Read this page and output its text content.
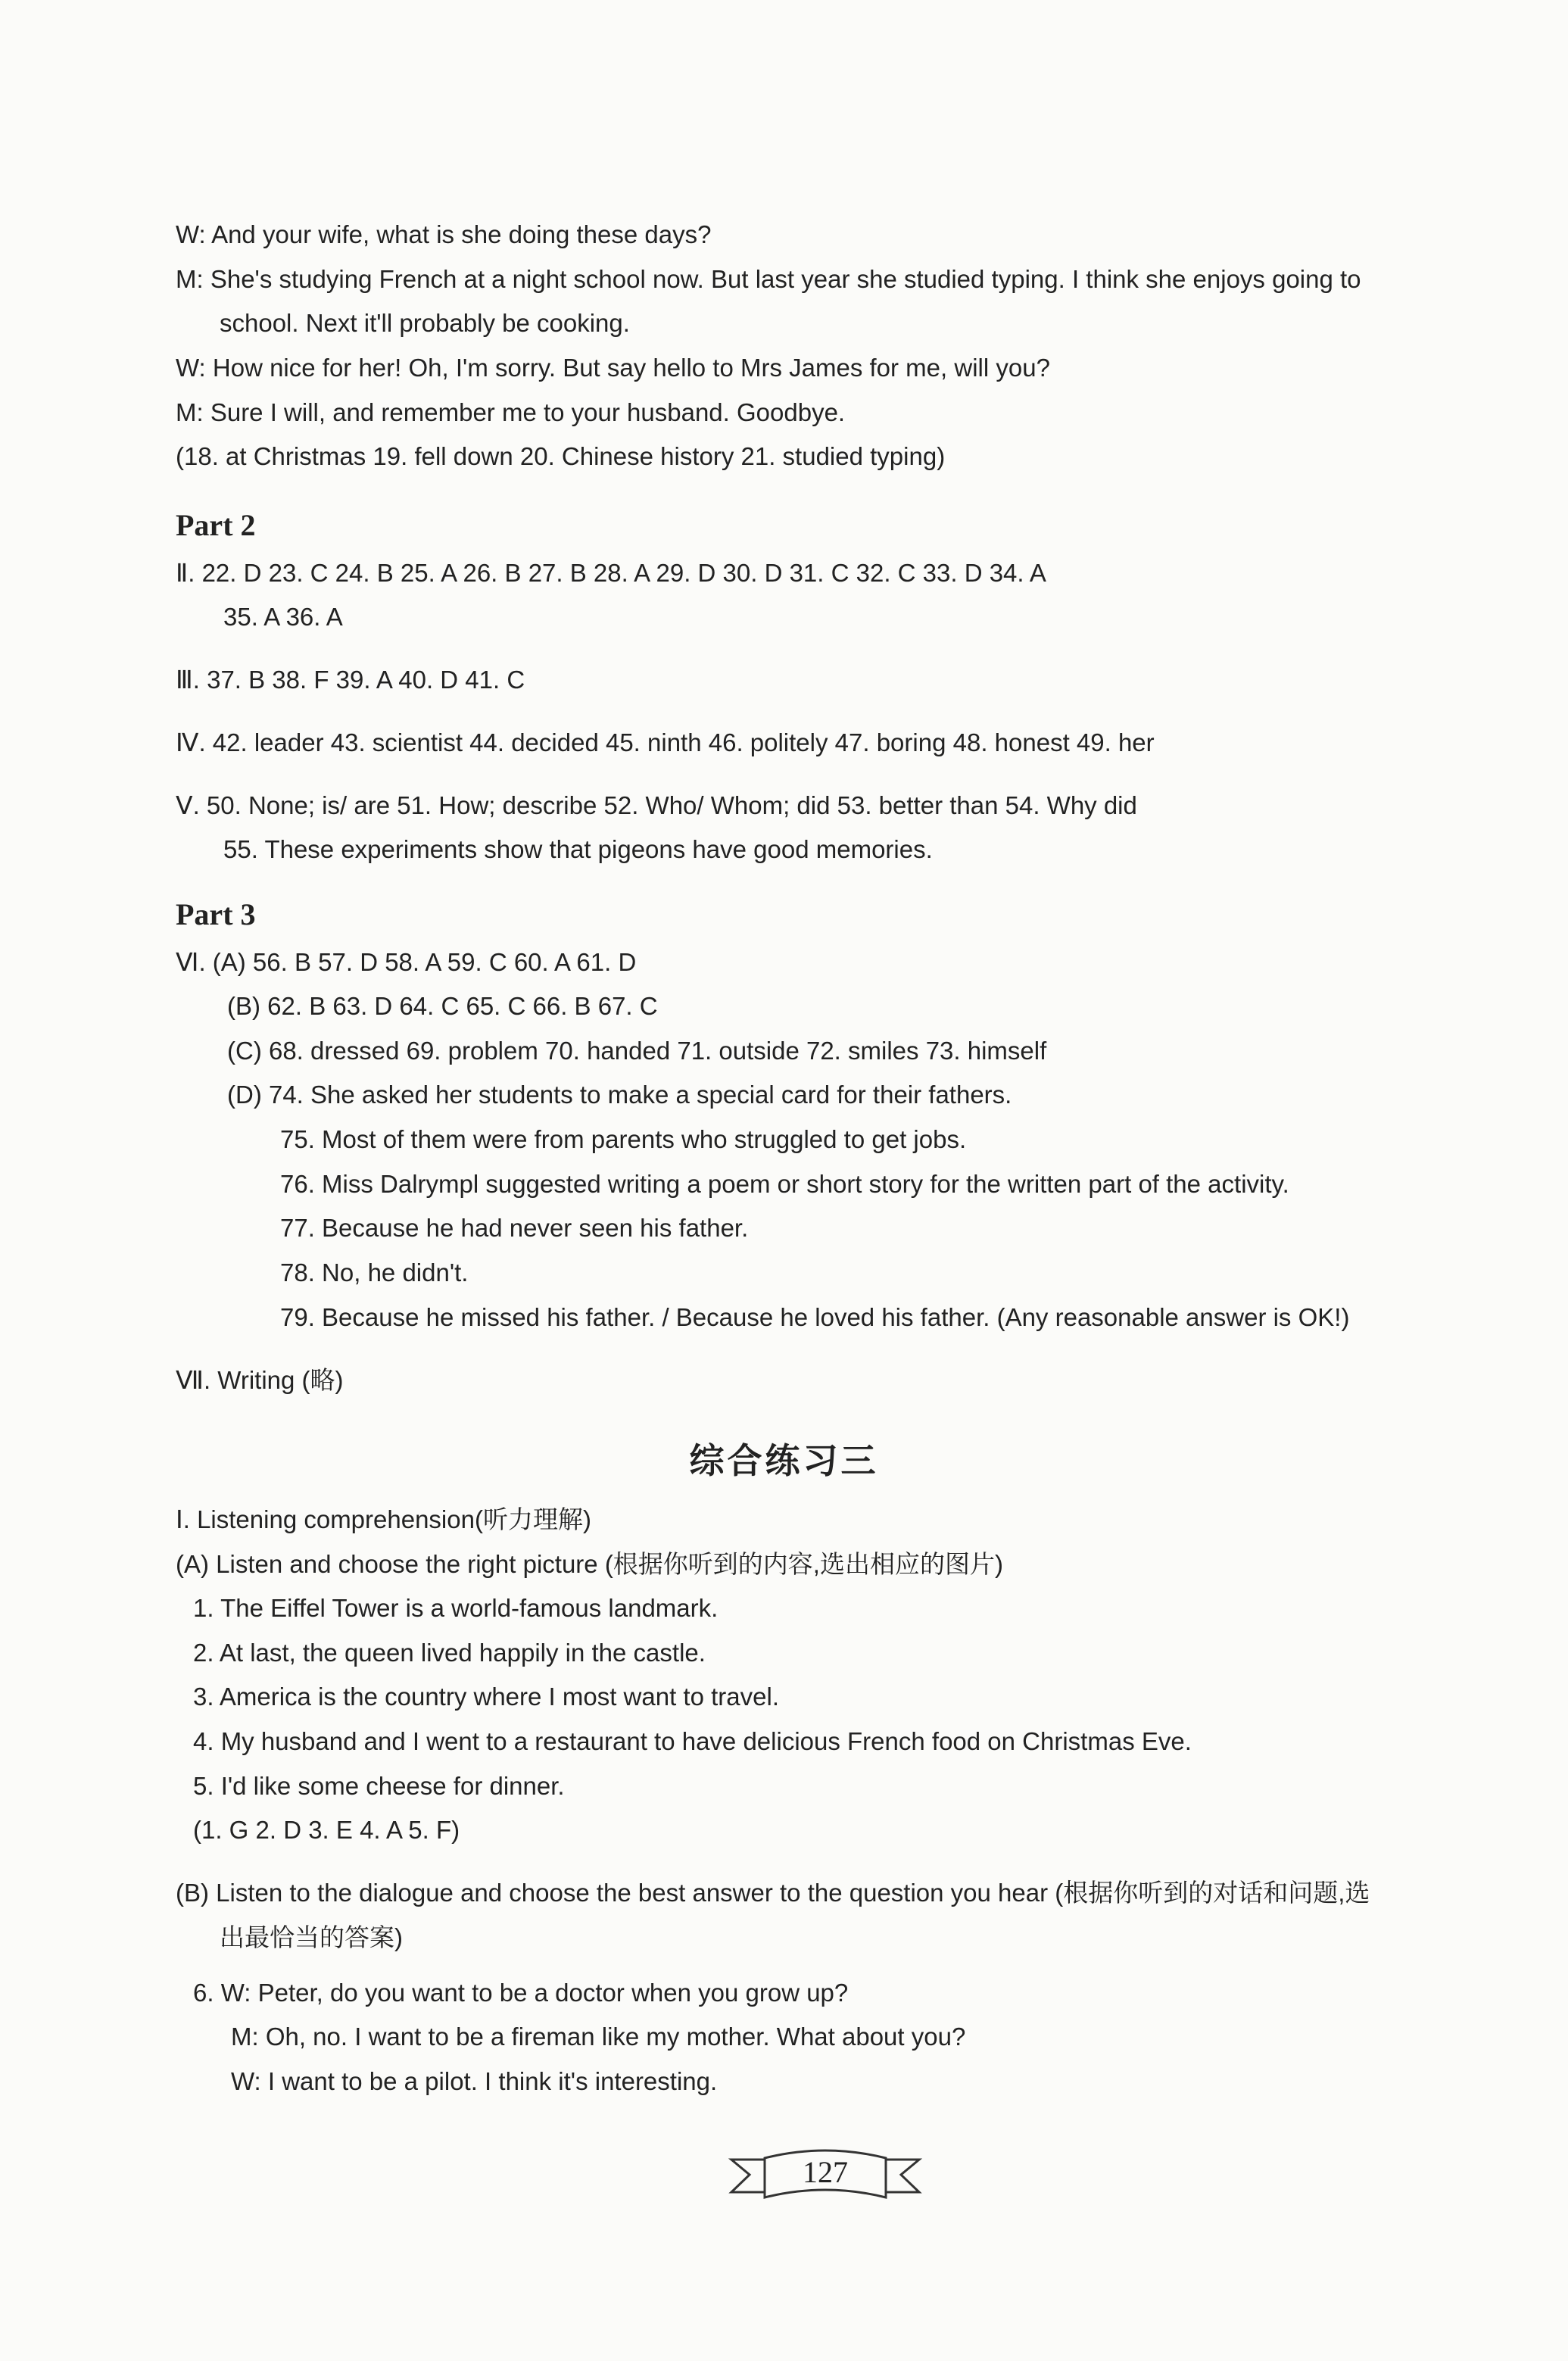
W: And your wife, what is she doing these days?
M: She's studying French at a night school now. But last year she studied typing. I think she enjoys going to
school. Next it'll probably be cooking.
W: How nice for her! Oh, I'm sorry. But say hello to Mrs James for me, will you?
M: Sure I will, and remember me to your husband. Goodbye.
(18. at Christmas 19. fell down 20. Chinese history 21. studied typing)
Part 2
Ⅱ. 22. D 23. C 24. B 25. A 26. B 27. B 28. A 29. D 30. D 31. C 32. C 33. D 34. A
35. A 36. A
Ⅲ. 37. B 38. F 39. A 40. D 41. C
Ⅳ. 42. leader 43. scientist 44. decided 45. ninth 46. politely 47. boring 48. honest 49. her
Ⅴ. 50. None; is/ are 51. How; describe 52. Who/ Whom; did 53. better than 54. Why did
55. These experiments show that pigeons have good memories.
Part 3
Ⅵ. (A) 56. B 57. D 58. A 59. C 60. A 61. D
(B) 62. B 63. D 64. C 65. C 66. B 67. C
(C) 68. dressed 69. problem 70. handed 71. outside 72. smiles 73. himself
(D) 74. She asked her students to make a special card for their fathers.
75. Most of them were from parents who struggled to get jobs.
76. Miss Dalrympl suggested writing a poem or short story for the written part of the activity.
77. Because he had never seen his father.
78. No, he didn't.
79. Because he missed his father. / Because he loved his father. (Any reasonable answer is OK!)
Ⅶ. Writing (略)
综合练习三
Ⅰ. Listening comprehension(听力理解)
(A) Listen and choose the right picture (根据你听到的内容,选出相应的图片)
1. The Eiffel Tower is a world-famous landmark.
2. At last, the queen lived happily in the castle.
3. America is the country where I most want to travel.
4. My husband and I went to a restaurant to have delicious French food on Christmas Eve.
5. I'd like some cheese for dinner.
(1. G 2. D 3. E 4. A 5. F)
(B) Listen to the dialogue and choose the best answer to the question you hear (根据你听到的对话和问题,选
出最恰当的答案)
6. W: Peter, do you want to be a doctor when you grow up?
M: Oh, no. I want to be a fireman like my mother. What about you?
W: I want to be a pilot. I think it's interesting.
127
